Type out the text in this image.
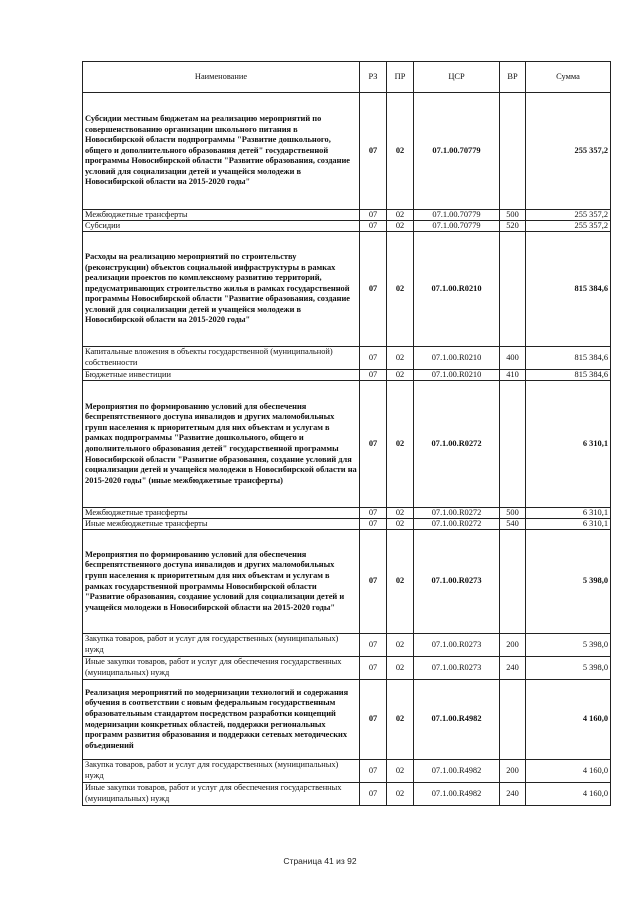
Наименование	РЗ	ПР	ЦСР	ВР	Сумма
Субсидии местным бюджетам на реализацию мероприятий по совершенствованию организации школьного питания в Новосибирской области подпрограммы "Развитие дошкольного, общего и дополнительного образования детей" государственной программы Новосибирской области "Развитие образования, создание условий для социализации детей и учащейся молодежи в Новосибирской области на 2015-2020 годы"	07	02	07.1.00.70779		255 357,2
Межбюджетные трансферты	07	02	07.1.00.70779	500	255 357,2
Субсидии	07	02	07.1.00.70779	520	255 357,2
Расходы на реализацию мероприятий по строительству (реконструкции) объектов социальной инфраструктуры в рамках реализации проектов по комплексному развитию территорий, предусматривающих строительство жилья в рамках государственной программы Новосибирской области "Развитие образования, создание условий для социализации детей и учащейся молодежи в Новосибирской области на 2015-2020 годы"	07	02	07.1.00.R0210		815 384,6
Капитальные вложения в объекты государственной (муниципальной) собственности	07	02	07.1.00.R0210	400	815 384,6
Бюджетные инвестиции	07	02	07.1.00.R0210	410	815 384,6
Мероприятия по формированию условий для обеспечения беспрепятственного доступа инвалидов и других маломобильных групп населения к приоритетным для них объектам и услугам в рамках подпрограммы "Развитие дошкольного, общего и дополнительного образования детей" государственной программы Новосибирской области "Развитие образования, создание условий для социализации детей и учащейся молодежи в Новосибирской области на 2015-2020 годы" (иные межбюджетные трансферты)	07	02	07.1.00.R0272		6 310,1
Межбюджетные трансферты	07	02	07.1.00.R0272	500	6 310,1
Иные межбюджетные трансферты	07	02	07.1.00.R0272	540	6 310,1
Мероприятия по формированию условий для обеспечения беспрепятственного доступа инвалидов и других маломобильных групп населения к приоритетным для них объектам и услугам в рамках государственной программы Новосибирской области "Развитие образования, создание условий для социализации детей и учащейся молодежи в Новосибирской области на 2015-2020 годы"	07	02	07.1.00.R0273		5 398,0
Закупка товаров, работ и услуг для государственных (муниципальных) нужд	07	02	07.1.00.R0273	200	5 398,0
Иные закупки товаров, работ и услуг для обеспечения государственных (муниципальных) нужд	07	02	07.1.00.R0273	240	5 398,0
Реализация мероприятий по модернизации технологий и содержания обучения в соответствии с новым федеральным государственным образовательным стандартом посредством разработки концепций модернизации конкретных областей, поддержки региональных программ развития образования и поддержки сетевых методических объединений	07	02	07.1.00.R4982		4 160,0
Закупка товаров, работ и услуг для государственных (муниципальных) нужд	07	02	07.1.00.R4982	200	4 160,0
Иные закупки товаров, работ и услуг для обеспечения государственных (муниципальных) нужд	07	02	07.1.00.R4982	240	4 160,0
Страница 41 из 92
